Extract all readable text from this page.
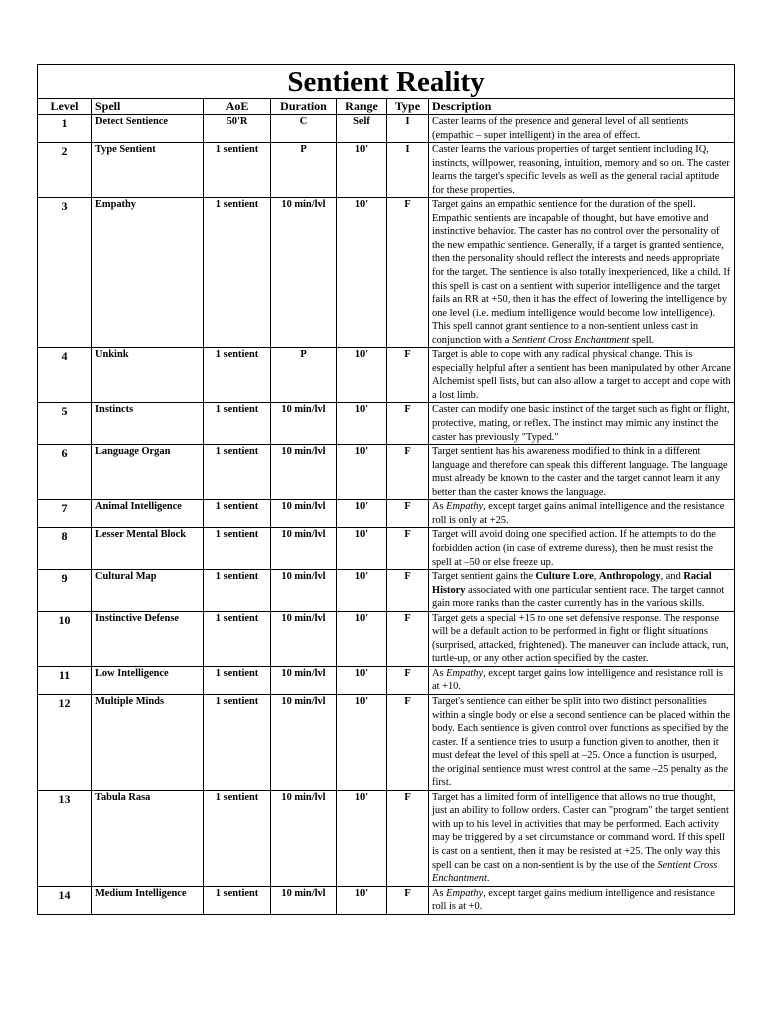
Sentient Reality						
Level	Spell	AoE	Duration	Range	Type	Description
1	Detect Sentience	50'R	C	Self	I	Caster learns of the presence and general level of all sentients (empathic – super intelligent) in the area of effect.
2	Type Sentient	1 sentient	P	10'	I	Caster learns the various properties of target sentient including IQ, instincts, willpower, reasoning, intuition, memory and so on. The caster learns the target's specific levels as well as the general racial aptitude for these properties.
3	Empathy	1 sentient	10 min/lvl	10'	F	Target gains an empathic sentience for the duration of the spell. Empathic sentients are incapable of thought, but have emotive and instinctive behavior. The caster has no control over the personality of the new empathic sentience. Generally, if a target is granted sentience, then the personality should reflect the interests and needs appropriate for the target. The sentience is also totally inexperienced, like a child. If this spell is cast on a sentient with superior intelligence and the target fails an RR at +50, then it has the effect of lowering the intelligence by one level (i.e. medium intelligence would become low intelligence). This spell cannot grant sentience to a non-sentient unless cast in conjunction with a Sentient Cross Enchantment spell.
4	Unkink	1 sentient	P	10'	F	Target is able to cope with any radical physical change. This is especially helpful after a sentient has been manipulated by other Arcane Alchemist spell lists, but can also allow a target to accept and cope with a lost limb.
5	Instincts	1 sentient	10 min/lvl	10'	F	Caster can modify one basic instinct of the target such as fight or flight, protective, mating, or reflex. The instinct may mimic any instinct the caster has previously "Typed."
6	Language Organ	1 sentient	10 min/lvl	10'	F	Target sentient has his awareness modified to think in a different language and therefore can speak this different language. The language must already be known to the caster and the target cannot learn it any better than the caster knows the language.
7	Animal Intelligence	1 sentient	10 min/lvl	10'	F	As Empathy, except target gains animal intelligence and the resistance roll is only at +25.
8	Lesser Mental Block	1 sentient	10 min/lvl	10'	F	Target will avoid doing one specified action. If he attempts to do the forbidden action (in case of extreme duress), then he must resist the spell at –50 or else freeze up.
9	Cultural Map	1 sentient	10 min/lvl	10'	F	Target sentient gains the Culture Lore, Anthropology, and Racial History associated with one particular sentient race. The target cannot gain more ranks than the caster currently has in the various skills.
10	Instinctive Defense	1 sentient	10 min/lvl	10'	F	Target gets a special +15 to one set defensive response. The response will be a default action to be performed in fight or flight situations (surprised, attacked, frightened). The maneuver can include attack, run, turtle-up, or any other action specified by the caster.
11	Low Intelligence	1 sentient	10 min/lvl	10'	F	As Empathy, except target gains low intelligence and resistance roll is at +10.
12	Multiple Minds	1 sentient	10 min/lvl	10'	F	Target's sentience can either be split into two distinct personalities within a single body or else a second sentience can be placed within the body. Each sentience is given control over functions as specified by the caster. If a sentience tries to usurp a function given to another, then it must defeat the level of this spell at –25. Once a function is usurped, the original sentience must wrest control at the same –25 penalty as the first.
13	Tabula Rasa	1 sentient	10 min/lvl	10'	F	Target has a limited form of intelligence that allows no true thought, just an ability to follow orders. Caster can "program" the target sentient with up to his level in activities that may be performed. Each activity may be triggered by a set circumstance or command word. If this spell is cast on a sentient, then it may be resisted at +25. The only way this spell can be cast on a non-sentient is by the use of the Sentient Cross Enchantment.
14	Medium Intelligence	1 sentient	10 min/lvl	10'	F	As Empathy, except target gains medium intelligence and resistance roll is at +0.
